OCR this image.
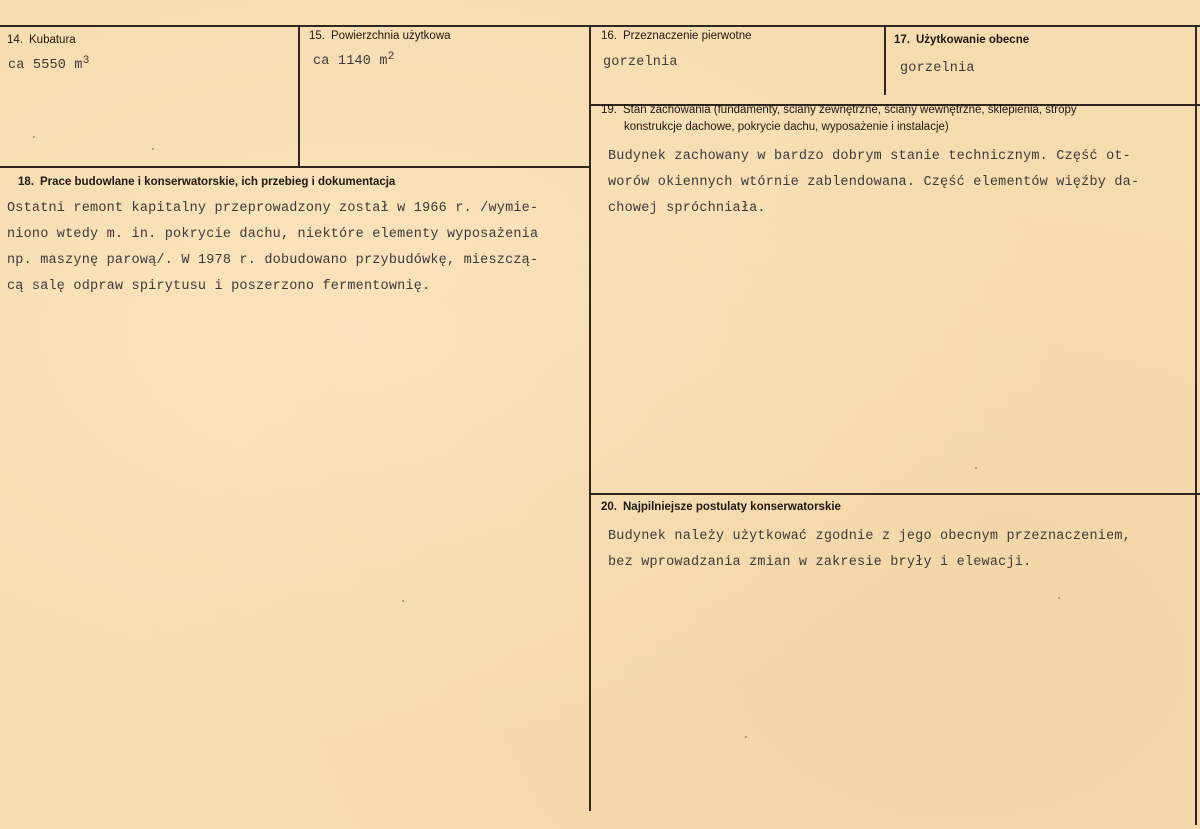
14. Kubatura
ca 5550 $m^3$
15. Powierzchnia użytkowa
ca 1140 $m^2$
16. Przeznaczenie pierwotne
gorzelnia
17. Użytkowanie obecne
gorzelnia
19. Stan zachowania (fundamenty, ściany zewnętrzne, ściany wewnętrzne, sklepienia, stropy
konstrukcje dachowe, pokrycie dachu, wyposażenie i instalacje)
Budynek zachowany w bardzo dobrym stanie technicznym. Część ot-
worów okiennych wtórnie zablendowana. Część elementów więźby da-
chowej spróchniała.
18. Prace budowlane i konserwatorskie, ich przebieg i dokumentacja
Ostatni remont kapitalny przeprowadzony został w 1966 r. /wymie-
niono wtedy m. in. pokrycie dachu, niektóre elementy wyposażenia
np. maszynę parową/. W 1978 r. dobudowano przybudówkę, mieszczą-
cą salę odpraw spirytusu i poszerzono fermentownię.
20. Najpilniejsze postulaty konserwatorskie
Budynek należy użytkować zgodnie z jego obecnym przeznaczeniem,
bez wprowadzania zmian w zakresie bryły i elewacji.
